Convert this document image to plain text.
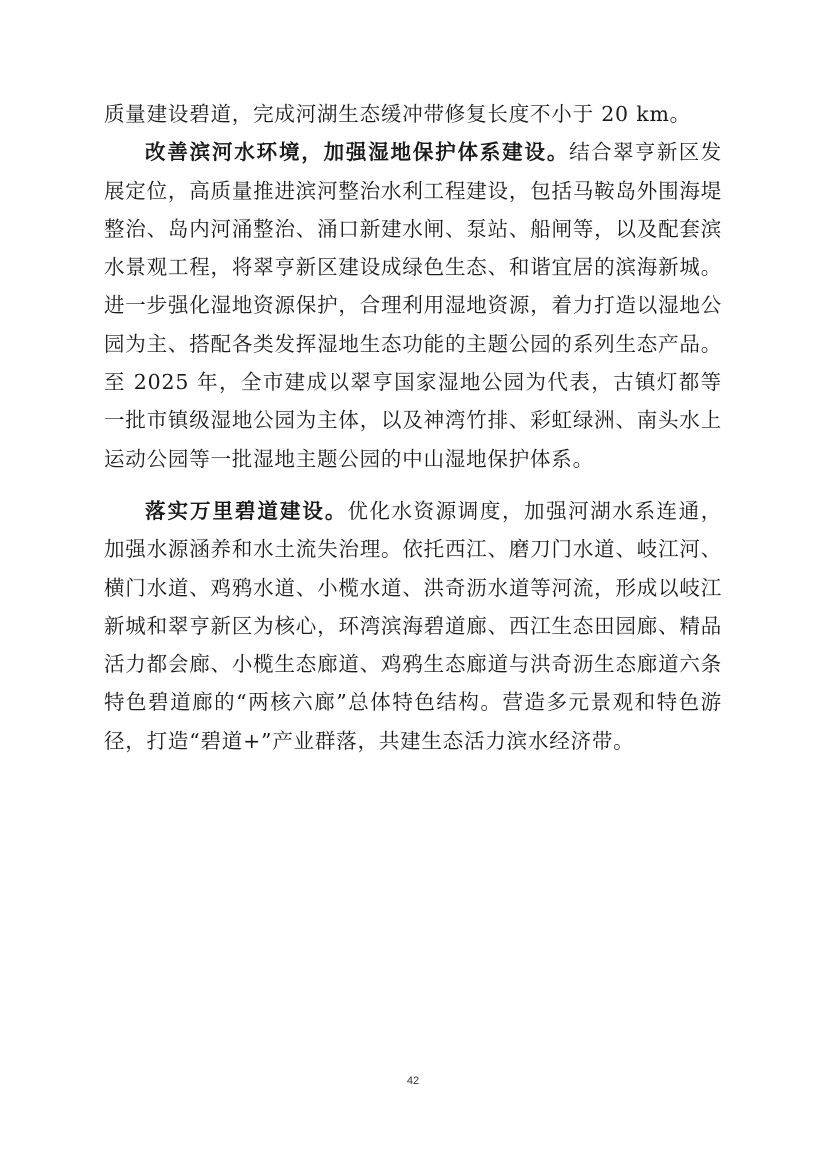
质量建设碧道，完成河湖生态缓冲带修复长度不小于 20 km。

改善滨河水环境，加强湿地保护体系建设。结合翠亨新区发展定位，高质量推进滨河整治水利工程建设，包括马鞍岛外围海堤整治、岛内河涌整治、涌口新建水闸、泵站、船闸等，以及配套滨水景观工程，将翠亨新区建设成绿色生态、和谐宜居的滨海新城。进一步强化湿地资源保护，合理利用湿地资源，着力打造以湿地公园为主、搭配各类发挥湿地生态功能的主题公园的系列生态产品。至 2025 年，全市建成以翠亨国家湿地公园为代表，古镇灯都等一批市镇级湿地公园为主体，以及神湾竹排、彩虹绿洲、南头水上运动公园等一批湿地主题公园的中山湿地保护体系。

落实万里碧道建设。优化水资源调度，加强河湖水系连通，加强水源涵养和水土流失治理。依托西江、磨刀门水道、岐江河、横门水道、鸡鸦水道、小榄水道、洪奇沥水道等河流，形成以岐江新城和翠亨新区为核心，环湾滨海碧道廊、西江生态田园廊、精品活力都会廊、小榄生态廊道、鸡鸦生态廊道与洪奇沥生态廊道六条特色碧道廊的“两核六廊”总体特色结构。营造多元景观和特色游径，打造“碧道+”产业群落，共建生态活力滨水经济带。

42
